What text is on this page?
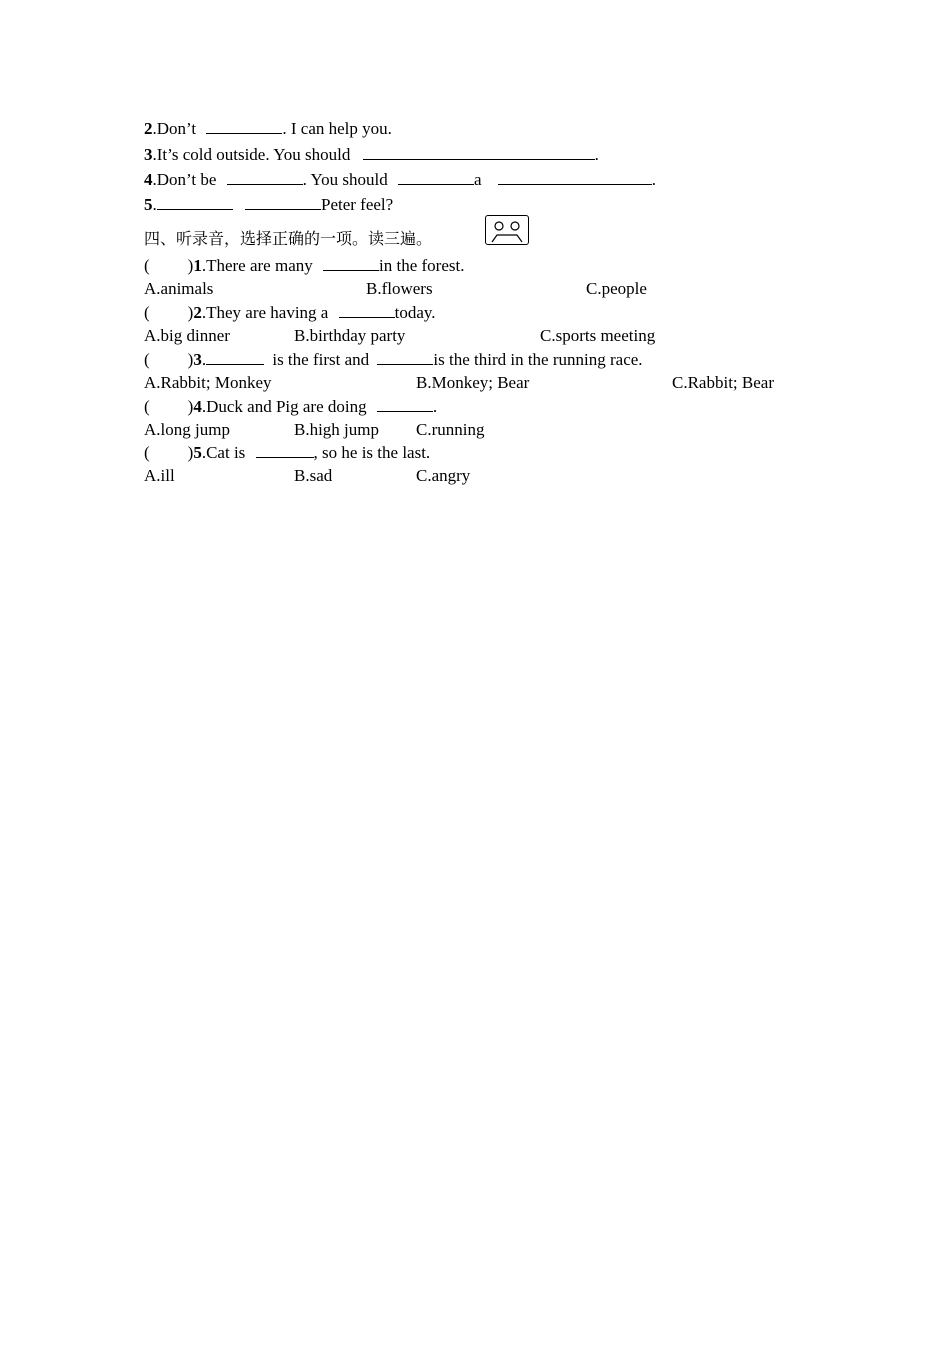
2.Don’t	. I can help you.
3.It’s cold outside. You should	.
4.Don’t be	. You should	a	.
5.	Peter feel?
四、听录音，选择正确的一项。读三遍。
( )1.There are many	in the forest.
A.animals	B.flowers	C.people
( )2.They are having a	today.
A.big dinner	B.birthday party	C.sports meeting
( )3.	is the first and	is the third in the running race.
A.Rabbit; Monkey	B.Monkey; Bear	C.Rabbit; Bear
( )4.Duck and Pig are doing	.
A.long jump	B.high jump C.running
( )5.Cat is	, so he is the last.
A.ill	B.sad	C.angry
